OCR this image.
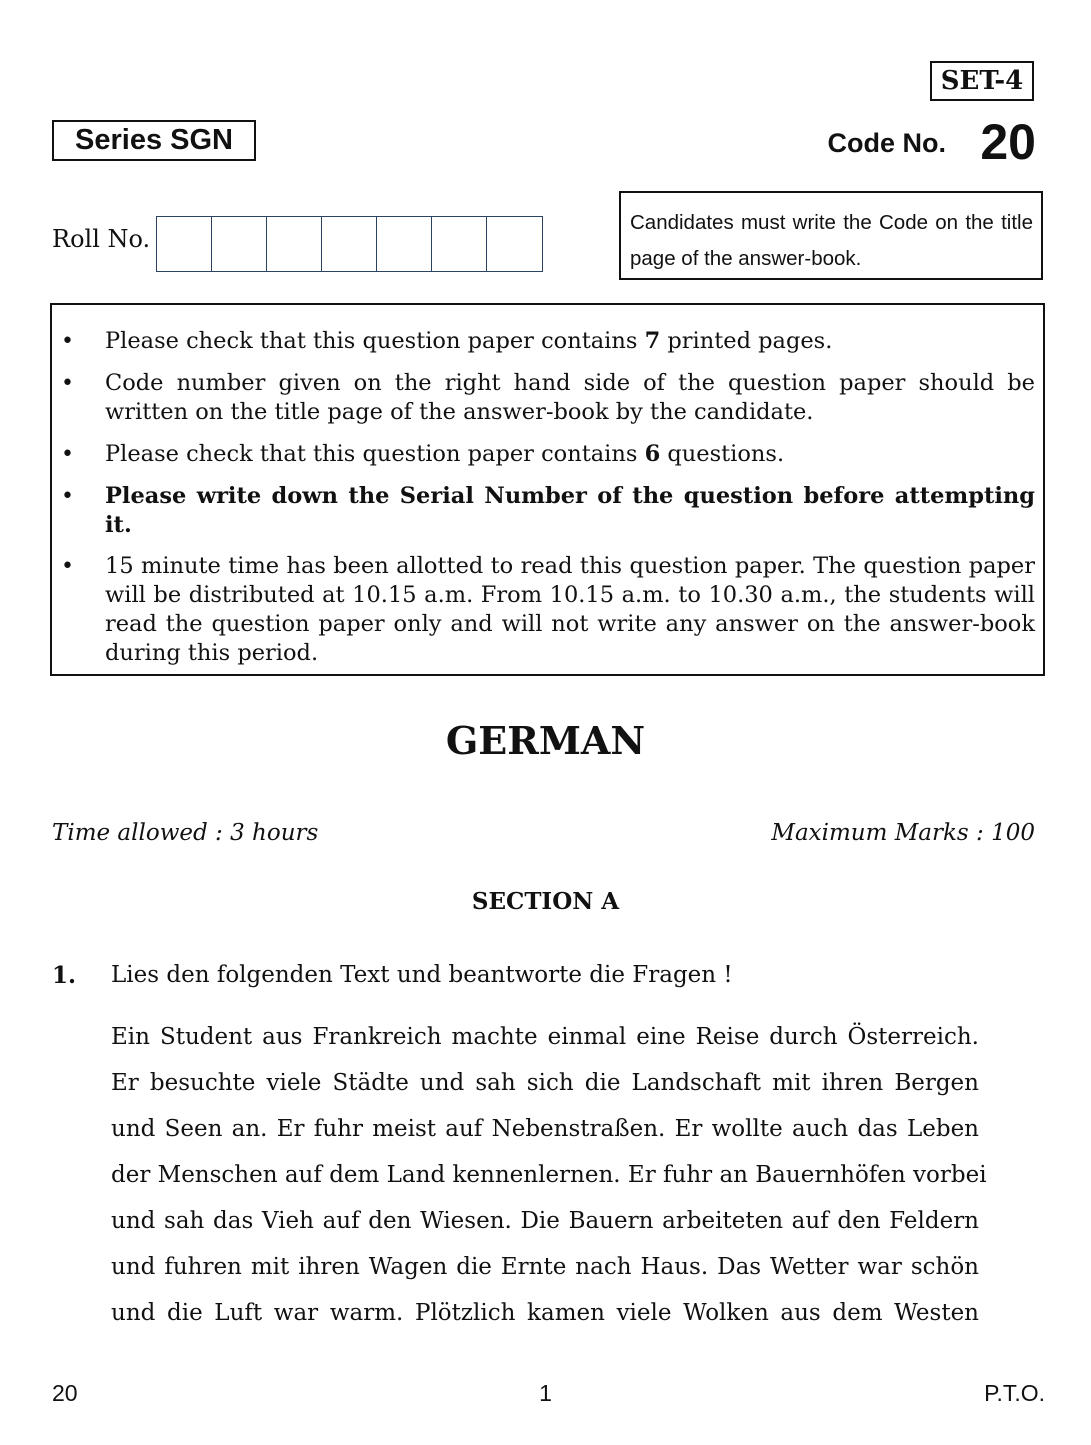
SET-4
Series SGN	Code No. 20
Roll No.
Candidates must write the Code on the title page of the answer-book.
• Please check that this question paper contains 7 printed pages.
• Code number given on the right hand side of the question paper should be written on the title page of the answer-book by the candidate.
• Please check that this question paper contains 6 questions.
• Please write down the Serial Number of the question before attempting it.
• 15 minute time has been allotted to read this question paper. The question paper will be distributed at 10.15 a.m. From 10.15 a.m. to 10.30 a.m., the students will read the question paper only and will not write any answer on the answer-book during this period.
GERMAN
Time allowed : 3 hours	Maximum Marks : 100
SECTION A
1. Lies den folgenden Text und beantworte die Fragen !
Ein Student aus Frankreich machte einmal eine Reise durch Österreich.
Er besuchte viele Städte und sah sich die Landschaft mit ihren Bergen
und Seen an. Er fuhr meist auf Nebenstraßen. Er wollte auch das Leben
der Menschen auf dem Land kennenlernen. Er fuhr an Bauernhöfen vorbei
und sah das Vieh auf den Wiesen. Die Bauern arbeiteten auf den Feldern
und fuhren mit ihren Wagen die Ernte nach Haus. Das Wetter war schön
und die Luft war warm. Plötzlich kamen viele Wolken aus dem Westen
20	1	P.T.O.
